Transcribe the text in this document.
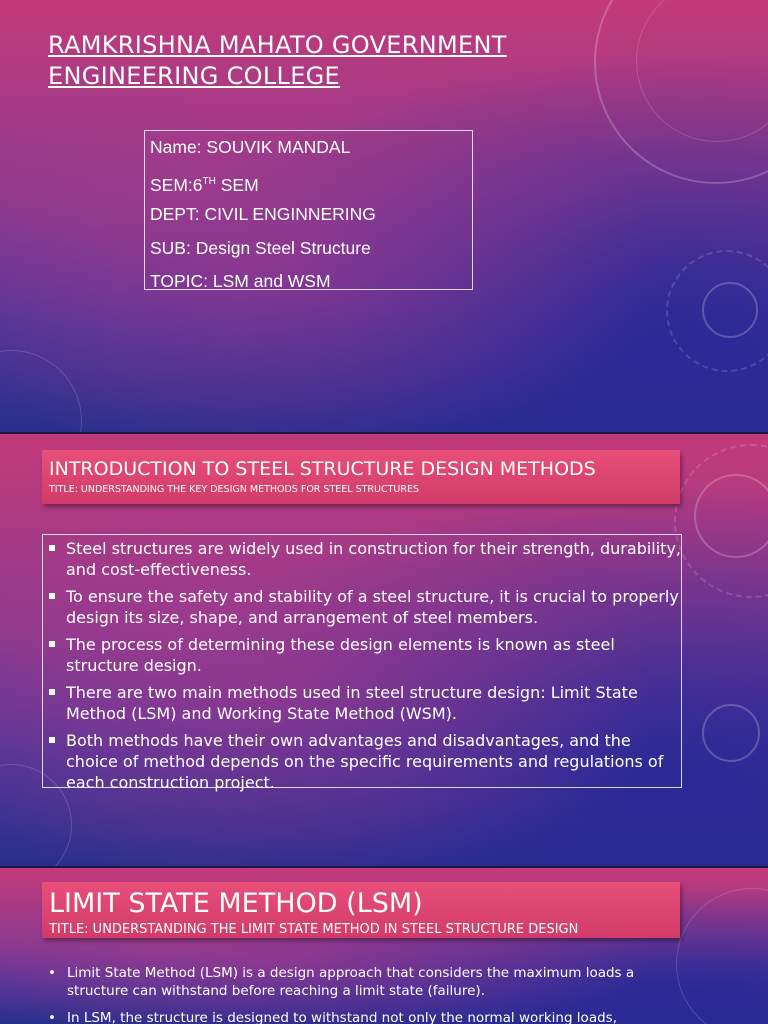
RAMKRISHNA MAHATO GOVERNMENT
ENGINEERING COLLEGE
Name: SOUVIK MANDAL
SEM:6TH SEM
DEPT: CIVIL ENGINNERING
SUB: Design Steel Structure
TOPIC: LSM and WSM
INTRODUCTION TO STEEL STRUCTURE DESIGN METHODS
TITLE: UNDERSTANDING THE KEY DESIGN METHODS FOR STEEL STRUCTURES
Steel structures are widely used in construction for their strength, durability, and cost-effectiveness.
To ensure the safety and stability of a steel structure, it is crucial to properly design its size, shape, and arrangement of steel members.
The process of determining these design elements is known as steel structure design.
There are two main methods used in steel structure design: Limit State Method (LSM) and Working State Method (WSM).
Both methods have their own advantages and disadvantages, and the choice of method depends on the specific requirements and regulations of each construction project.
LIMIT STATE METHOD (LSM)
TITLE: UNDERSTANDING THE LIMIT STATE METHOD IN STEEL STRUCTURE DESIGN
• Limit State Method (LSM) is a design approach that considers the maximum loads a structure can withstand before reaching a limit state (failure).
• In LSM, the structure is designed to withstand not only the normal working loads,
